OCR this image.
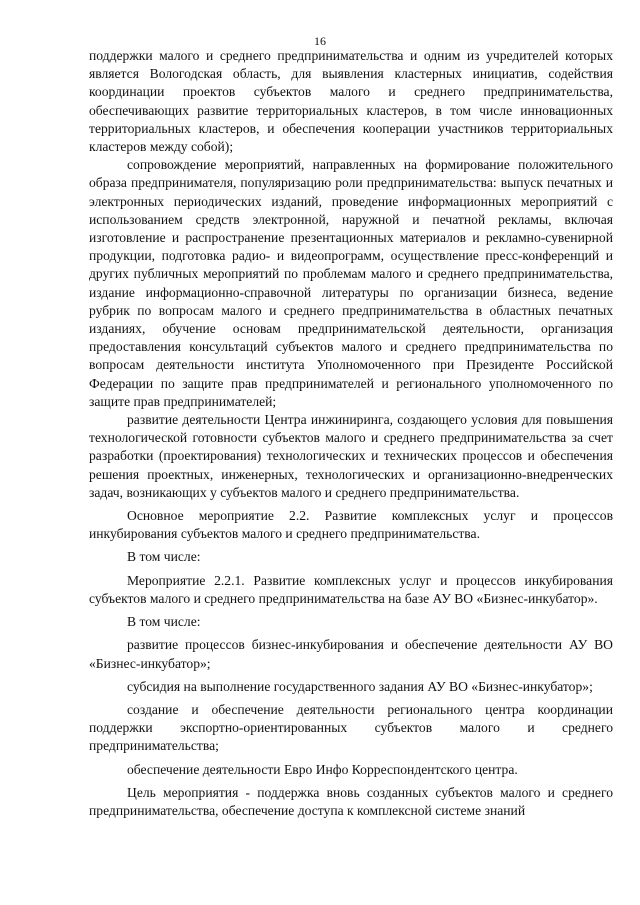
16

поддержки малого и среднего предпринимательства и одним из учредителей которых является Вологодская область, для выявления кластерных инициатив, содействия координации проектов субъектов малого и среднего предпринимательства, обеспечивающих развитие территориальных кластеров, в том числе инновационных территориальных кластеров, и обеспечения кооперации участников территориальных кластеров между собой);

сопровождение мероприятий, направленных на формирование положительного образа предпринимателя, популяризацию роли предпринимательства: выпуск печатных и электронных периодических изданий, проведение информационных мероприятий с использованием средств электронной, наружной и печатной рекламы, включая изготовление и распространение презентационных материалов и рекламно-сувенирной продукции, подготовка радио- и видеопрограмм, осуществление пресс-конференций и других публичных мероприятий по проблемам малого и среднего предпринимательства, издание информационно-справочной литературы по организации бизнеса, ведение рубрик по вопросам малого и среднего предпринимательства в областных печатных изданиях, обучение основам предпринимательской деятельности, организация предоставления консультаций субъектов малого и среднего предпринимательства по вопросам деятельности института Уполномоченного при Президенте Российской Федерации по защите прав предпринимателей и регионального уполномоченного по защите прав предпринимателей;

развитие деятельности Центра инжиниринга, создающего условия для повышения технологической готовности субъектов малого и среднего предпринимательства за счет разработки (проектирования) технологических и технических процессов и обеспечения решения проектных, инженерных, технологических и организационно-внедренческих задач, возникающих у субъектов малого и среднего предпринимательства.

Основное мероприятие 2.2. Развитие комплексных услуг и процессов инкубирования субъектов малого и среднего предпринимательства.

В том числе:

Мероприятие 2.2.1. Развитие комплексных услуг и процессов инкубирования субъектов малого и среднего предпринимательства на базе АУ ВО «Бизнес-инкубатор».

В том числе:

развитие процессов бизнес-инкубирования и обеспечение деятельности АУ ВО «Бизнес-инкубатор»;

субсидия на выполнение государственного задания АУ ВО «Бизнес-инкубатор»;

создание и обеспечение деятельности регионального центра координации поддержки экспортно-ориентированных субъектов малого и среднего предпринимательства;

обеспечение деятельности Евро Инфо Корреспондентского центра.

Цель мероприятия - поддержка вновь созданных субъектов малого и среднего предпринимательства, обеспечение доступа к комплексной системе знаний
